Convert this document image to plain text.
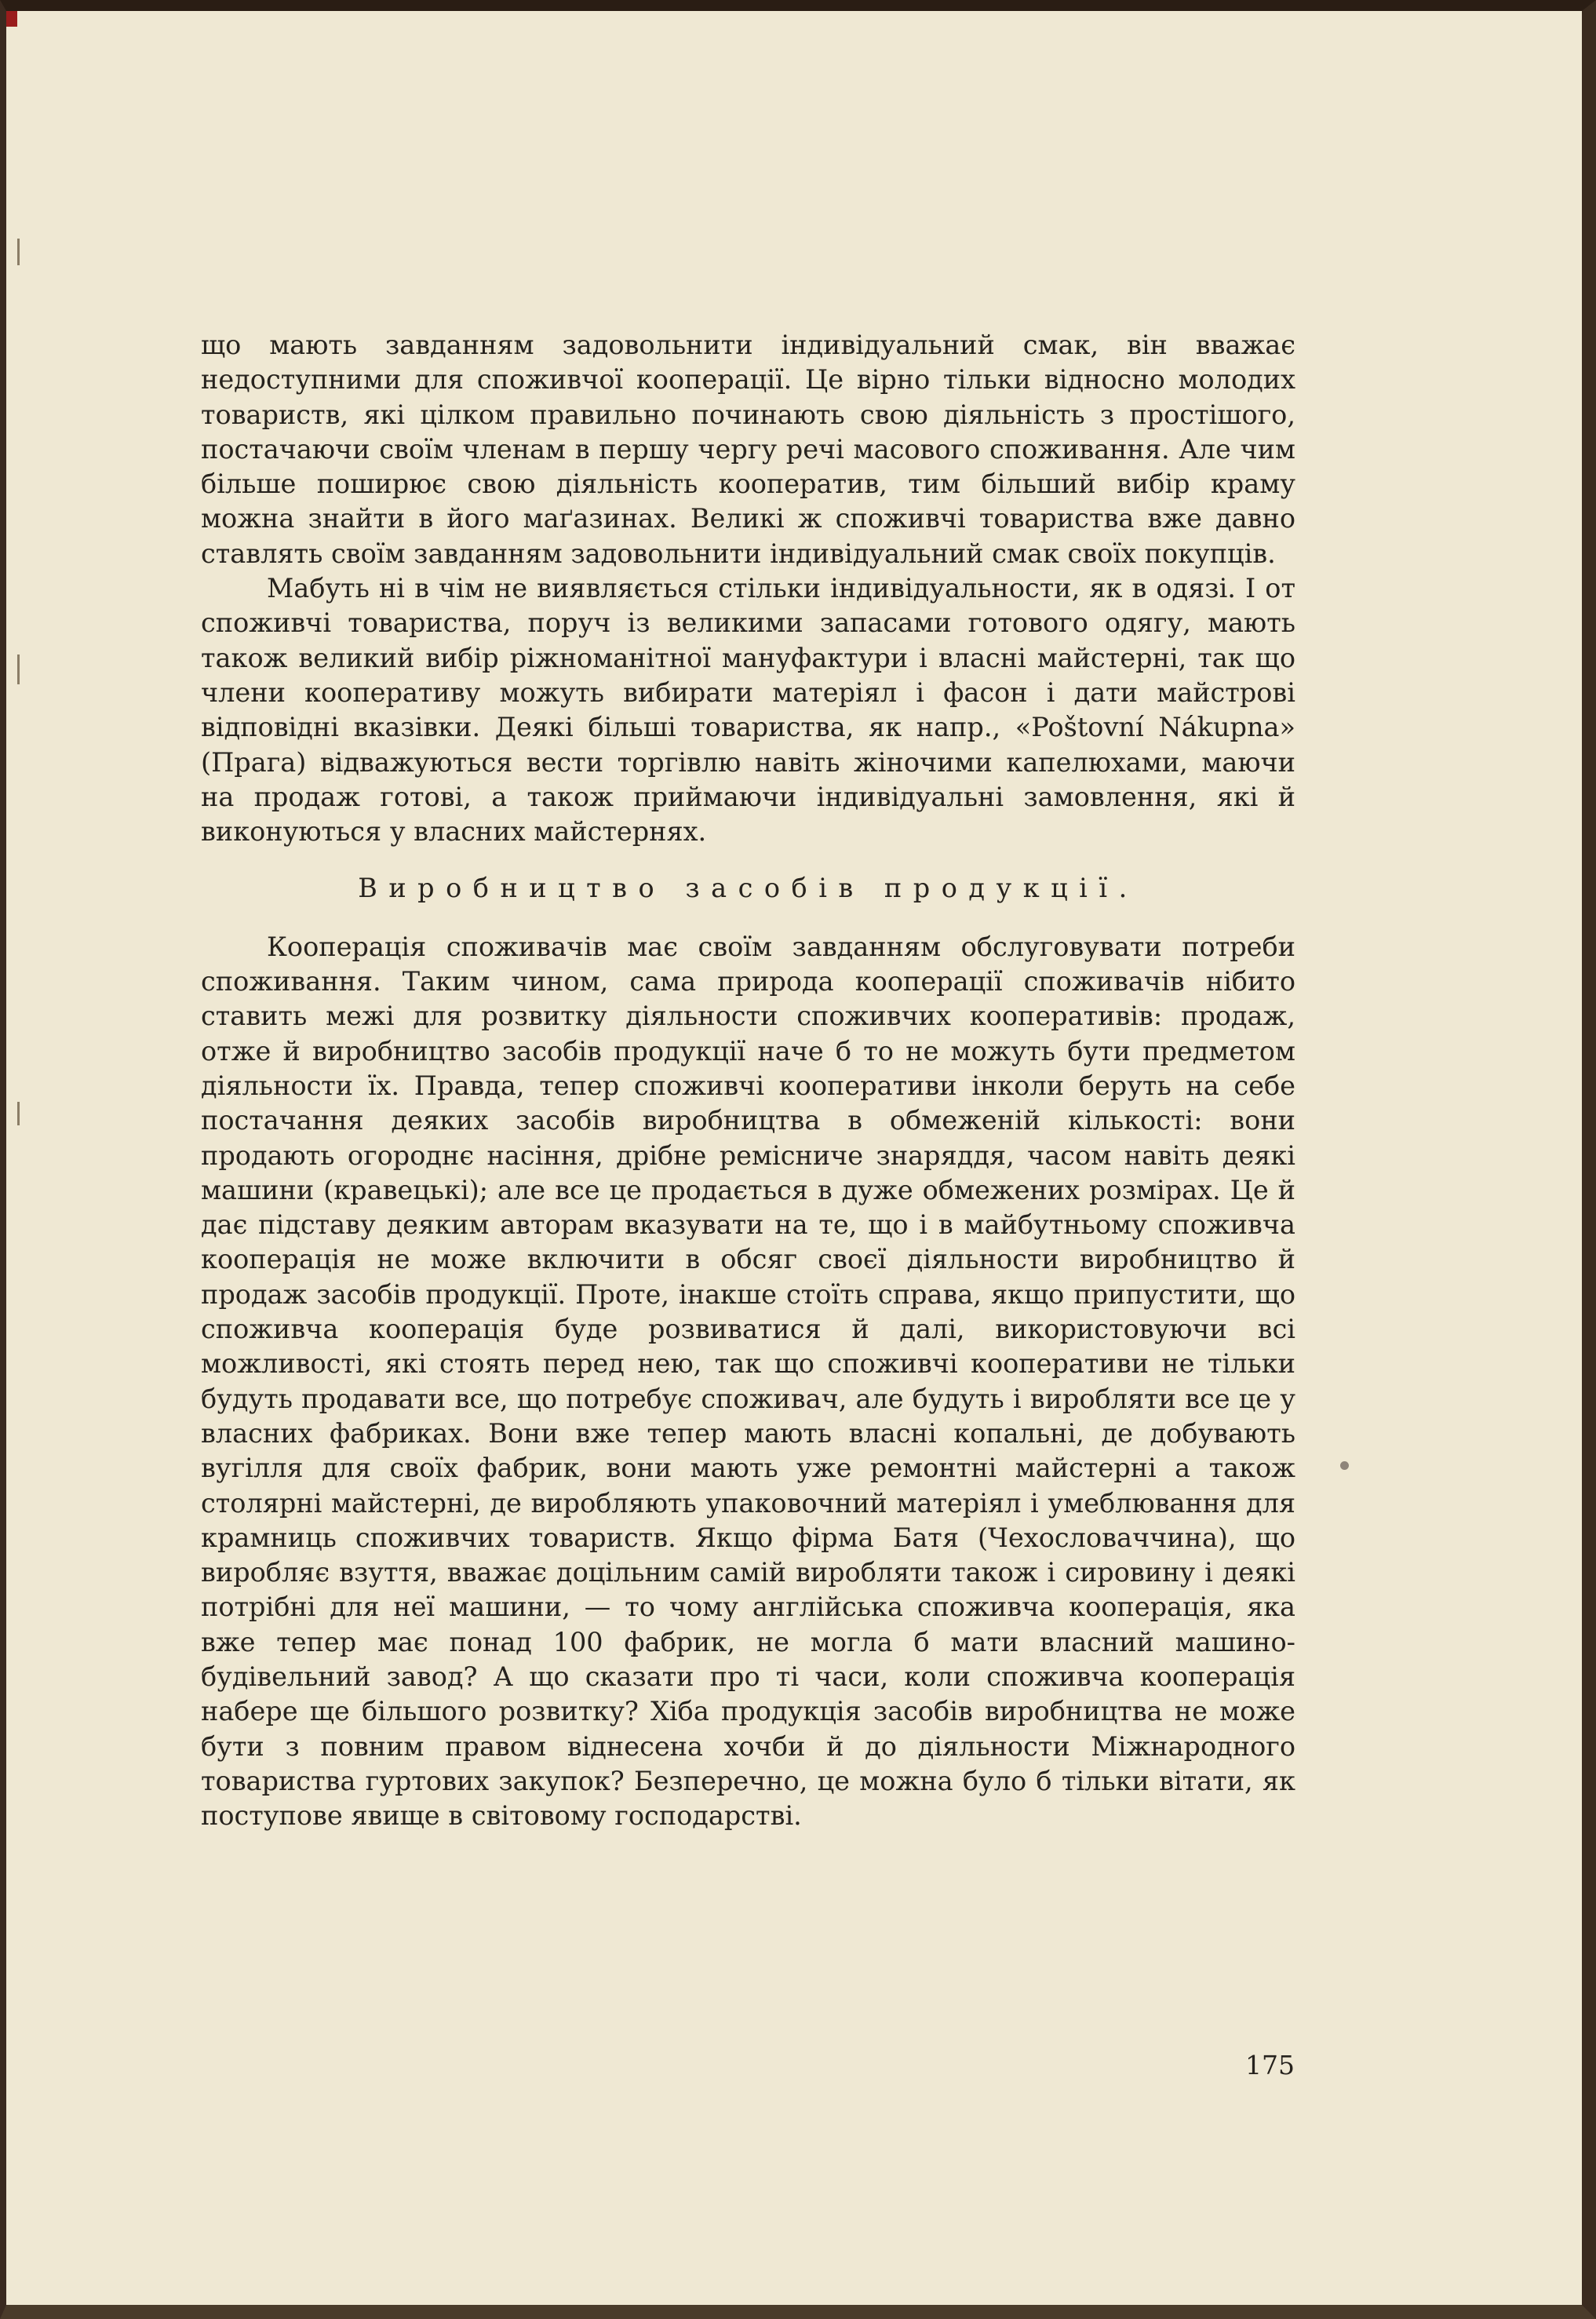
що мають завданням задовольнити індивідуальний смак, він вважає недоступними для споживчої кооперації. Це вірно тільки відносно молодих товариств, які цілком правильно починають свою діяльність з простішого, постачаючи своїм членам в першу чергу речі масового споживання. Але чим більше поширює свою діяльність кооператив, тим більший вибір краму можна знайти в його маґазинах. Великі ж споживчі товариства вже давно ставлять своїм завданням задовольнити індивідуальний смак своїх покупців.

Мабуть ні в чім не виявляється стільки індивідуальности, як в одязі. І от споживчі товариства, поруч із великими запасами готового одягу, мають також великий вибір ріжноманітної мануфактури і власні майстерні, так що члени кооперативу можуть вибирати матеріял і фасон і дати майстрові відповідні вказівки. Деякі більші товариства, як напр., «Poštovní Nákupna» (Прага) відважуються вести торгівлю навіть жіночими капелюхами, маючи на продаж готові, а також приймаючи індивідуальні замовлення, які й виконуються у власних майстернях.

Виробництво засобів продукції.

Кооперація споживачів має своїм завданням обслуговувати потреби споживання. Таким чином, сама природа кооперації споживачів нібито ставить межі для розвитку діяльности споживчих кооперативів: продаж, отже й виробництво засобів продукції наче б то не можуть бути предметом діяльности їх. Правда, тепер споживчі кооперативи інколи беруть на себе постачання деяких засобів виробництва в обмеженій кількості: вони продають огороднє насіння, дрібне ремісниче знаряддя, часом навіть деякі машини (кравецькі); але все це продається в дуже обмежених розмірах. Це й дає підставу деяким авторам вказувати на те, що і в майбутньому споживча кооперація не може включити в обсяг своєї діяльности виробництво й продаж засобів продукції. Проте, інакше стоїть справа, якщо припустити, що споживча кооперація буде розвиватися й далі, використовуючи всі можливості, які стоять перед нею, так що споживчі кооперативи не тільки будуть продавати все, що потребує споживач, але будуть і виробляти все це у власних фабриках. Вони вже тепер мають власні копальні, де добувають вугілля для своїх фабрик, вони мають уже ремонтні майстерні а також столярні майстерні, де виробляють упаковочний матеріял і умеблювання для крамниць споживчих товариств. Якщо фірма Батя (Чехословаччина), що виробляє взуття, вважає доцільним самій виробляти також і сировину і деякі потрібні для неї машини, — то чому англійська споживча кооперація, яка вже тепер має понад 100 фабрик, не могла б мати власний машино-будівельний завод? А що сказати про ті часи, коли споживча кооперація набере ще більшого розвитку? Хіба продукція засобів виробництва не може бути з повним правом віднесена хочби й до діяльности Міжнародного товариства гуртових закупок? Безперечно, це можна було б тільки вітати, як поступове явище в світовому господарстві.

175
